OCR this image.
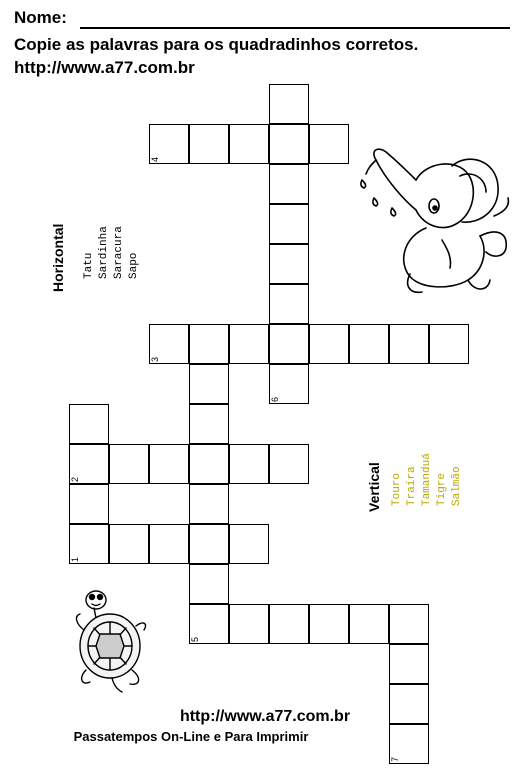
Nome:
Copie as palavras para os quadradinhos corretos.
http://www.a77.com.br
4
6
3
2
1
5
7
Horizontal	Tatu Sardinha Saracura Sapo
Vertical Touro Traíra Tamanduá Tigre Salmão
http://www.a77.com.br
Passatempos On-Line e Para Imprimir
